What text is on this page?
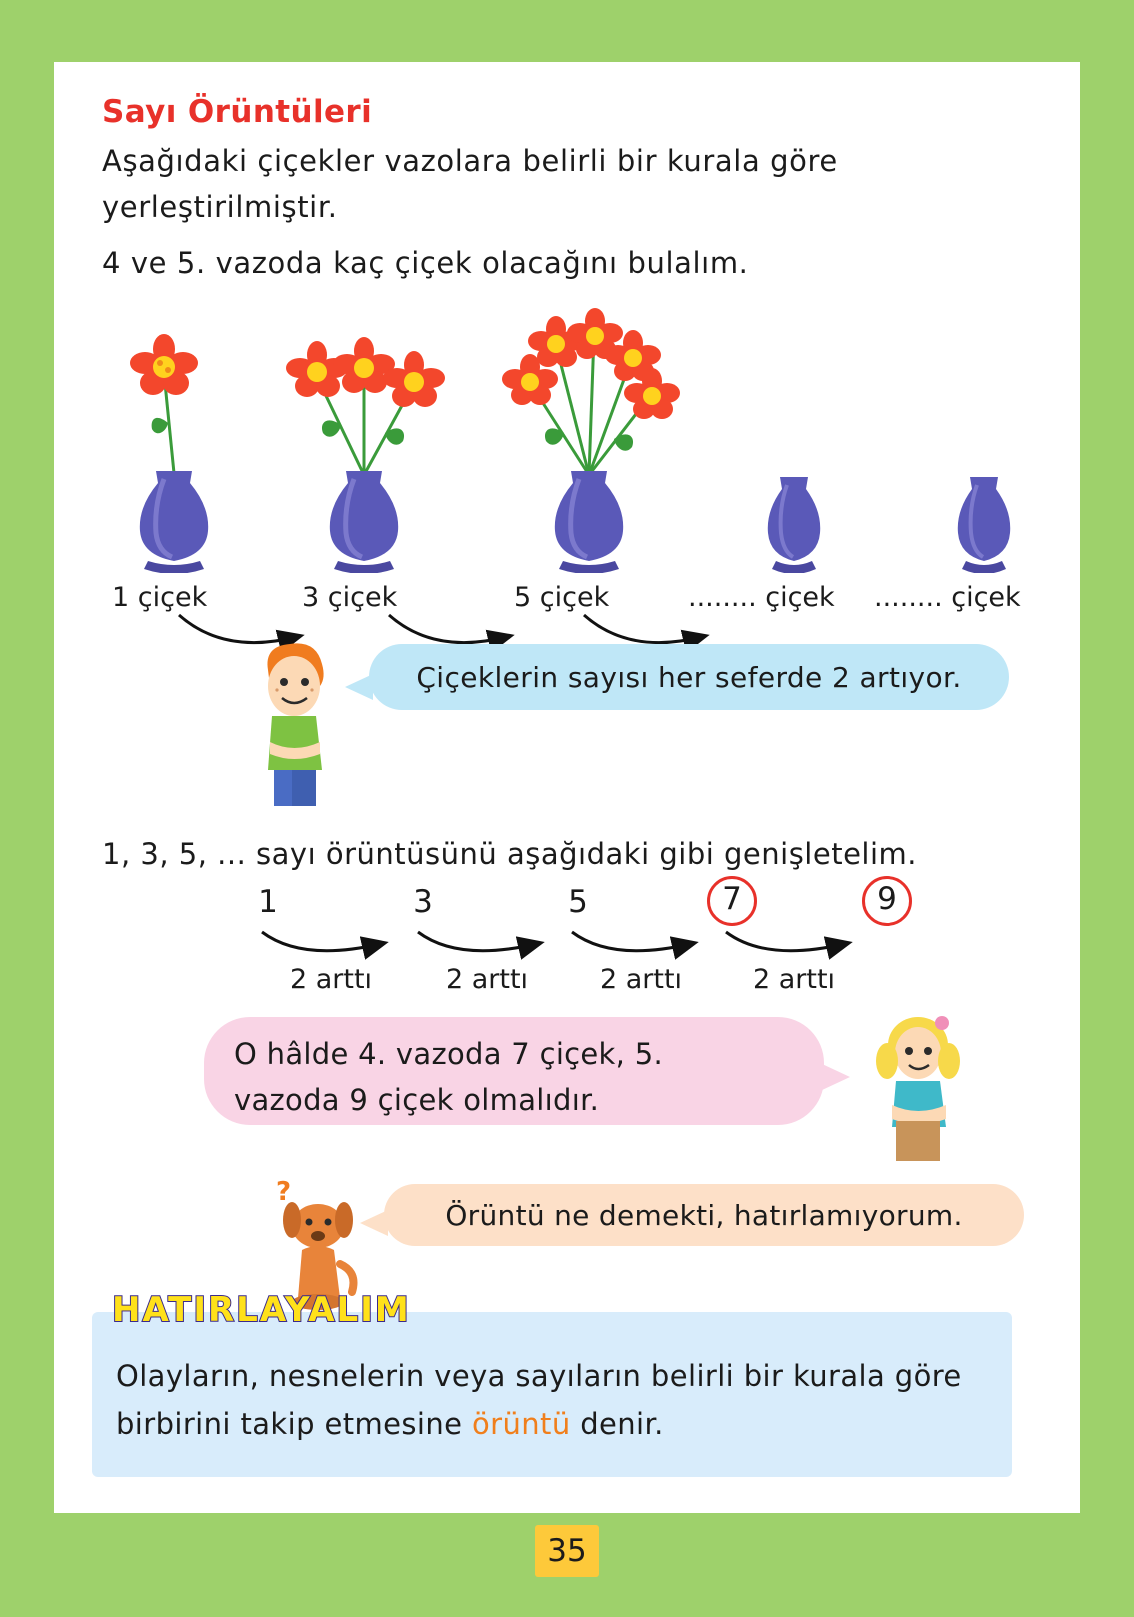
Sayı Örüntüleri
Aşağıdaki çiçekler vazolara belirli bir kurala göre yerleştirilmiştir.
4 ve 5. vazoda kaç çiçek olacağını bulalım.
1 çiçek	3 çiçek	5 çiçek	........ çiçek ........ çiçek
Çiçeklerin sayısı her seferde 2 artıyor.
1, 3, 5, ... sayı örüntüsünü aşağıdaki gibi genişletelim.
1	3	5	7	9
2 arttı	2 arttı	2 arttı	2 arttı
O hâlde 4. vazoda 7 çiçek, 5.
vazoda 9 çiçek olmalıdır.
?
Örüntü ne demekti, hatırlamıyorum.
HATIRLAYALIM
Olayların, nesnelerin veya sayıların belirli bir kurala göre birbirini takip etmesine örüntü denir.
35
